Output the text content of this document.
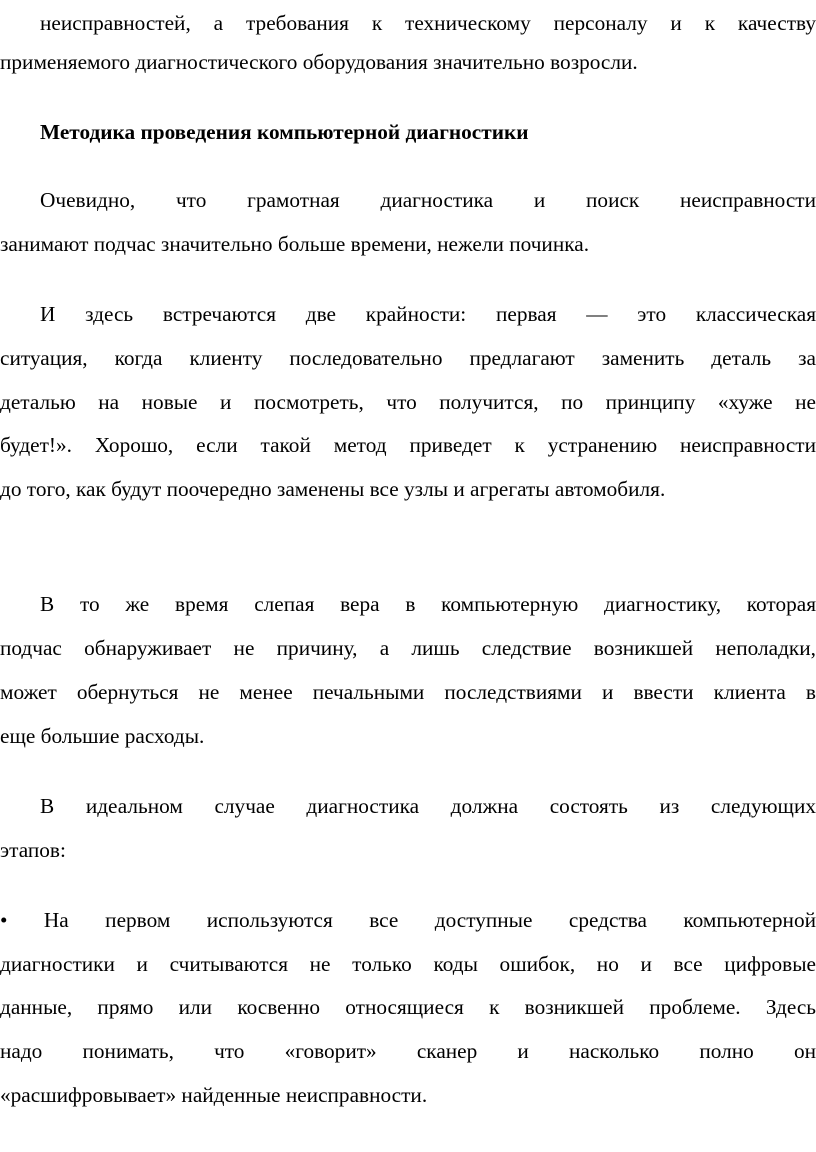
неисправностей, а требования к техническому персоналу и к качеству

применяемого диагностического оборудования значительно возросли.

Методика проведения компьютерной диагностики

Очевидно, что грамотная диагностика и поиск неисправности

занимают подчас значительно больше времени, нежели починка.

И здесь встречаются две крайности: первая — это классическая

ситуация, когда клиенту последовательно предлагают заменить деталь за

деталью на новые и посмотреть, что получится, по принципу «хуже не

будет!». Хорошо, если такой метод приведет к устранению неисправности

до того, как будут поочередно заменены все узлы и агрегаты автомобиля.

В то же время слепая вера в компьютерную диагностику, которая

подчас обнаруживает не причину, а лишь следствие возникшей неполадки,

может обернуться не менее печальными последствиями и ввести клиента в

еще большие расходы.

В идеальном случае диагностика должна состоять из следующих

этапов:

• На первом используются все доступные средства компьютерной

диагностики и считываются не только коды ошибок, но и все цифровые

данные, прямо или косвенно относящиеся к возникшей проблеме. Здесь

надо понимать, что «говорит» сканер и насколько полно он

«расшифровывает» найденные неисправности.
